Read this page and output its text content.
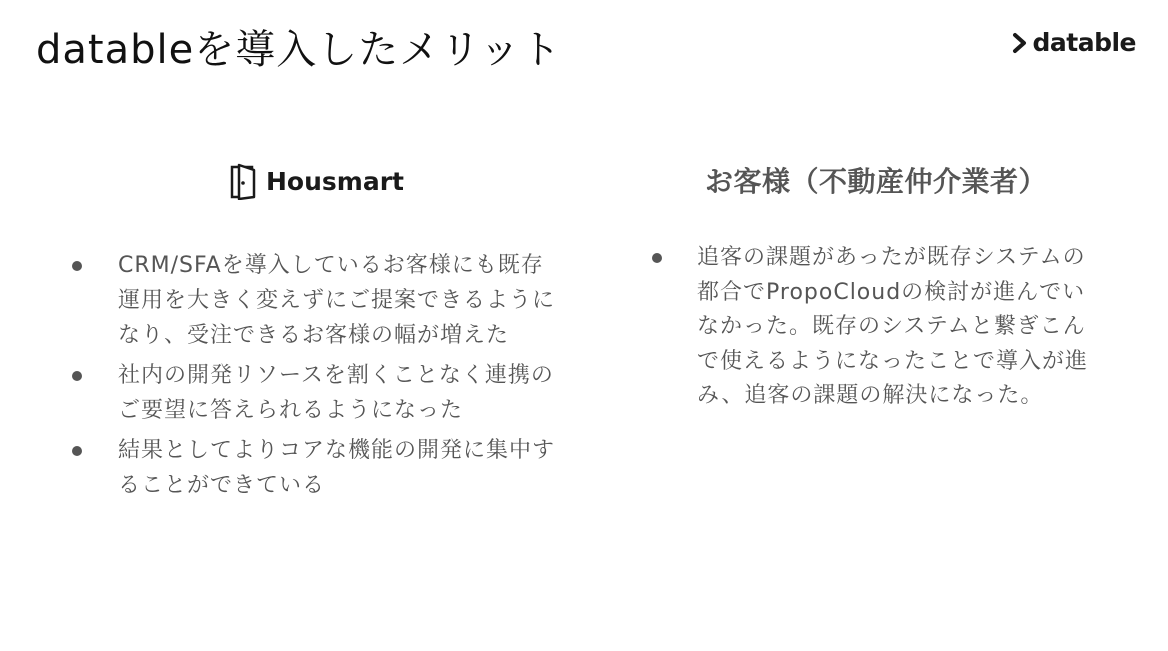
datableを導入したメリット	datable
Housmart	お客様（不動産仲介業者）
CRM/SFAを導入しているお客様にも既存運用を大きく変えずにご提案できるようになり、受注できるお客様の幅が増えた
社内の開発リソースを割くことなく連携のご要望に答えられるようになった
結果としてよりコアな機能の開発に集中することができている
追客の課題があったが既存システムの都合でPropoCloudの検討が進んでいなかった。既存のシステムと繋ぎこんで使えるようになったことで導入が進み、追客の課題の解決になった。
